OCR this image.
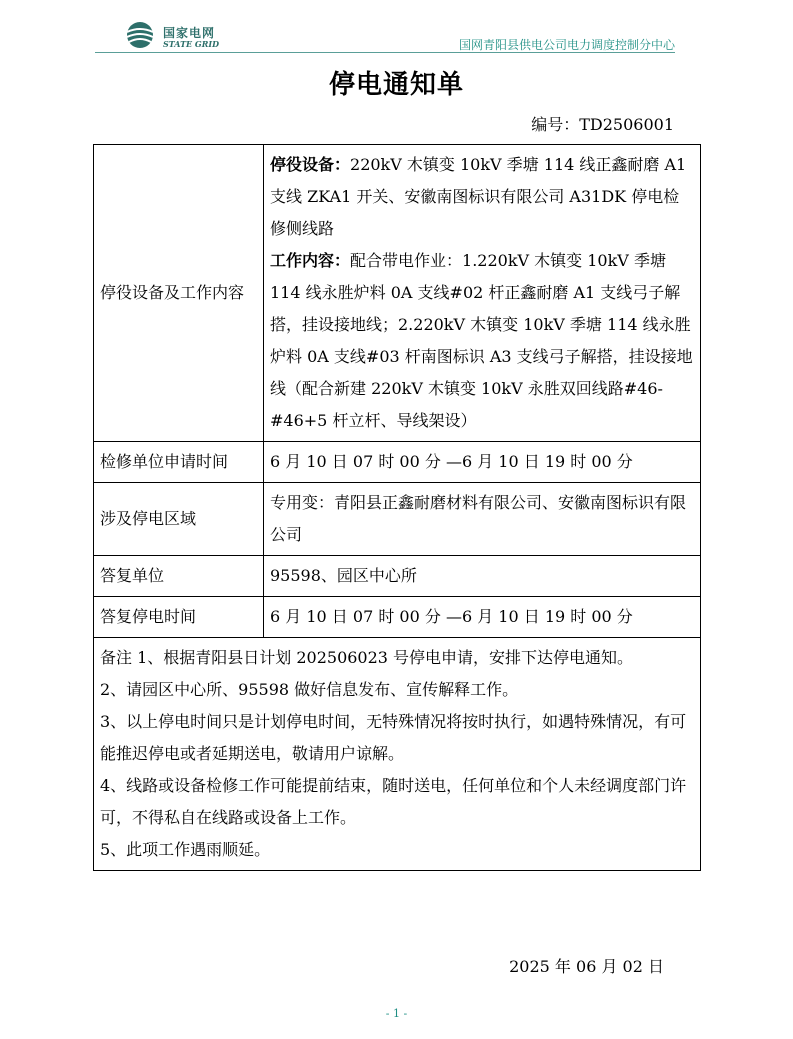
国家电网
STATE GRID	国网青阳县供电公司电力调度控制分中心
停电通知单
编号：TD2506001
停役设备及工作内容	停役设备：220kV 木镇变 10kV 季塘 114 线正鑫耐磨 A1 支线 ZKA1 开关、安徽南图标识有限公司 A31DK 停电检修侧线路
工作内容：配合带电作业：1.220kV 木镇变 10kV 季塘 114 线永胜炉料 0A 支线#02 杆正鑫耐磨 A1 支线弓子解搭，挂设接地线；2.220kV 木镇变 10kV 季塘 114 线永胜炉料 0A 支线#03 杆南图标识 A3 支线弓子解搭，挂设接地线（配合新建 220kV 木镇变 10kV 永胜双回线路#46-#46+5 杆立杆、导线架设）

检修单位申请时间	6 月 10 日 07 时 00 分 —6 月 10 日 19 时 00 分
涉及停电区域	专用变：青阳县正鑫耐磨材料有限公司、安徽南图标识有限公司
答复单位	95598、园区中心所
答复停电时间	6 月 10 日 07 时 00 分 —6 月 10 日 19 时 00 分

备注 1、根据青阳县日计划 202506023 号停电申请，安排下达停电通知。

2、请园区中心所、95598 做好信息发布、宣传解释工作。

3、以上停电时间只是计划停电时间，无特殊情况将按时执行，如遇特殊情况，有可能推迟停电或者延期送电，敬请用户谅解。

4、线路或设备检修工作可能提前结束，随时送电，任何单位和个人未经调度部门许可，不得私自在线路或设备上工作。

5、此项工作遇雨顺延。	

2025 年 06 月 02 日
- 1 -
